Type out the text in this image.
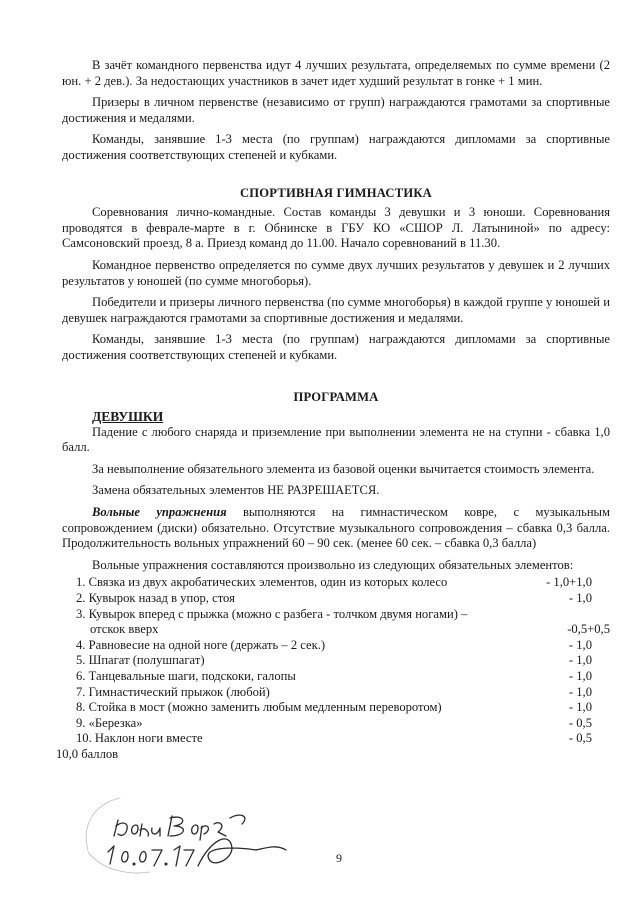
В зачёт командного первенства идут 4 лучших результата, определяемых по сумме времени (2 юн. + 2 дев.). За недостающих участников в зачет идет худший результат в гонке + 1 мин.

Призеры в личном первенстве (независимо от групп) награждаются грамотами за спортивные достижения и медалями.

Команды, занявшие 1-3 места (по группам) награждаются дипломами за спортивные достижения соответствующих степеней и кубками.

СПОРТИВНАЯ ГИМНАСТИКА

Соревнования лично-командные. Состав команды 3 девушки и 3 юноши. Соревнования проводятся в феврале-марте в г. Обнинске в ГБУ КО «СШОР Л. Латыниной» по адресу: Самсоновский проезд, 8 а. Приезд команд до 11.00. Начало соревнований в 11.30.

Командное первенство определяется по сумме двух лучших результатов у девушек и 2 лучших результатов у юношей (по сумме многоборья).

Победители и призеры личного первенства (по сумме многоборья) в каждой группе у юношей и девушек награждаются грамотами за спортивные достижения и медалями.

Команды, занявшие 1-3 места (по группам) награждаются дипломами за спортивные достижения соответствующих степеней и кубками.

ПРОГРАММА
ДЕВУШКИ

Падение с любого снаряда и приземление при выполнении элемента не на ступни - сбавка 1,0 балл.

За невыполнение обязательного элемента из базовой оценки вычитается стоимость элемента.

Замена обязательных элементов НЕ РАЗРЕШАЕТСЯ.

Вольные упражнения выполняются на гимнастическом ковре, с музыкальным сопровождением (диски) обязательно. Отсутствие музыкального сопровождения – сбавка 0,3 балла. Продолжительность вольных упражнений 60 – 90 сек. (менее 60 сек. – сбавка 0,3 балла)

Вольные упражнения составляются произвольно из следующих обязательных элементов:

1. Связка из двух акробатических элементов, один из которых колесо	- 1,0+1,0
2. Кувырок назад в упор, стоя	- 1,0
3. Кувырок вперед с прыжка (можно с разбега - толчком двумя ногами) –
отскок вверх	-0,5+0,5
4. Равновесие на одной ноге (держать – 2 сек.)	- 1,0
5. Шпагат (полушпагат)	- 1,0
6. Танцевальные шаги, подскоки, галопы	- 1,0
7. Гимнастический прыжок (любой)	- 1,0
8. Стойка в мост (можно заменить любым медленным переворотом)	- 1,0
9. «Березка»	- 0,5
10. Наклон ноги вместе	- 0,5
10,0 баллов
9
